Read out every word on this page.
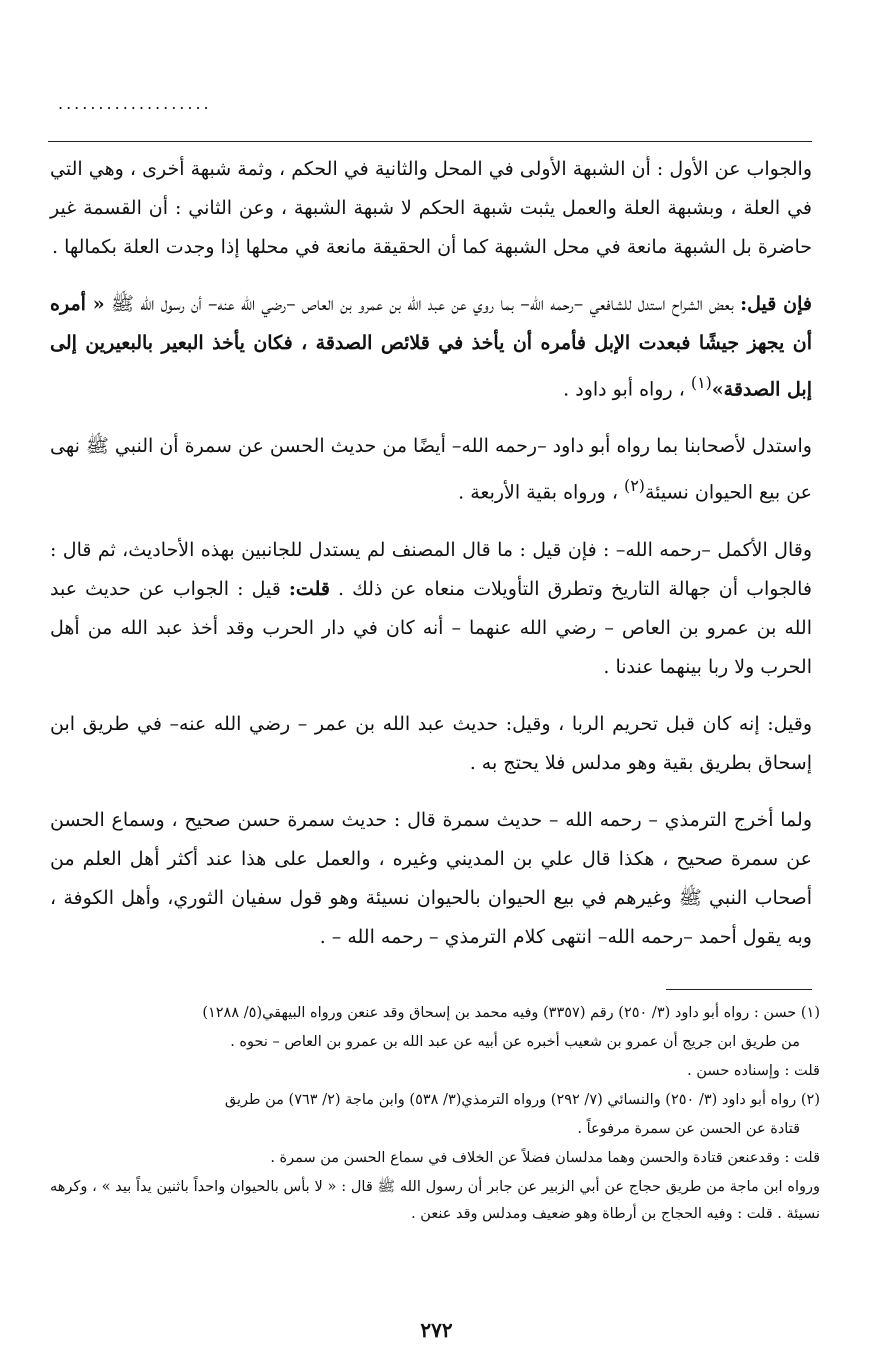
...................

والجواب عن الأول : أن الشبهة الأولى في المحل والثانية في الحكم ، وثمة شبهة أخرى ، وهي التي في العلة ، وبشبهة العلة والعمل يثبت شبهة الحكم لا شبهة الشبهة ، وعن الثاني : أن القسمة غير حاضرة بل الشبهة مانعة في محل الشبهة كما أن الحقيقة مانعة في محلها إذا وجدت العلة بكمالها .

فإن قيل: بعض الشراح استدل للشافعي –رحمه الله– بما روي عن عبد الله بن عمرو بن العاص –رضي الله عنه– أن رسول الله ﷺ « أمره أن يجهز جيشًا فبعدت الإبل فأمره أن يأخذ في قلائص الصدقة ، فكان يأخذ البعير بالبعيرين إلى إبل الصدقة»$^{(١)}$ ، رواه أبو داود .

واستدل لأصحابنا بما رواه أبو داود –رحمه الله– أيضًا من حديث الحسن عن سمرة أن النبي ﷺ نهى عن بيع الحيوان نسيئة$^{(٢)}$ ، ورواه بقية الأربعة .

وقال الأكمل –رحمه الله– : فإن قيل : ما قال المصنف لم يستدل للجانبين بهذه الأحاديث، ثم قال : فالجواب أن جهالة التاريخ وتطرق التأويلات منعاه عن ذلك . قلت: قيل : الجواب عن حديث عبد الله بن عمرو بن العاص – رضي الله عنهما – أنه كان في دار الحرب وقد أخذ عبد الله من أهل الحرب ولا ربا بينهما عندنا .

وقيل: إنه كان قبل تحريم الربا ، وقيل: حديث عبد الله بن عمر – رضي الله عنه– في طريق ابن إسحاق بطريق بقية وهو مدلس فلا يحتج به .

ولما أخرج الترمذي – رحمه الله – حديث سمرة قال : حديث سمرة حسن صحيح ، وسماع الحسن عن سمرة صحيح ، هكذا قال علي بن المديني وغيره ، والعمل على هذا عند أكثر أهل العلم من أصحاب النبي ﷺ وغيرهم في بيع الحيوان بالحيوان نسيئة وهو قول سفيان الثوري، وأهل الكوفة ، وبه يقول أحمد –رحمه الله– انتهى كلام الترمذي – رحمه الله – .

(١) حسن : رواه أبو داود (٣/ ٢٥٠) رقم (٣٣٥٧) وفيه محمد بن إسحاق وقد عنعن ورواه البيهقي(٥/ ١٢٨٨)

من طريق ابن جريج أن عمرو بن شعيب أخبره عن أبيه عن عبد الله بن عمرو بن العاص – نحوه .

قلت : وإسناده حسن .

(٢) رواه أبو داود (٣/ ٢٥٠) والنسائي (٧/ ٢٩٢) ورواه الترمذي(٣/ ٥٣٨) وابن ماجة (٢/ ٧٦٣) من طريق

قتادة عن الحسن عن سمرة مرفوعاً .

قلت : وقدعنعن قتادة والحسن وهما مدلسان فضلاً عن الخلاف في سماع الحسن من سمرة .

ورواه ابن ماجة من طريق حجاج عن أبي الزبير عن جابر أن رسول الله ﷺ قال : « لا بأس بالحيوان واحداً باثنين يداً بيد » ، وكرهه نسيئة . قلت : وفيه الحجاج بن أرطاة وهو ضعيف ومدلس وقد عنعن .

٢٧٢
